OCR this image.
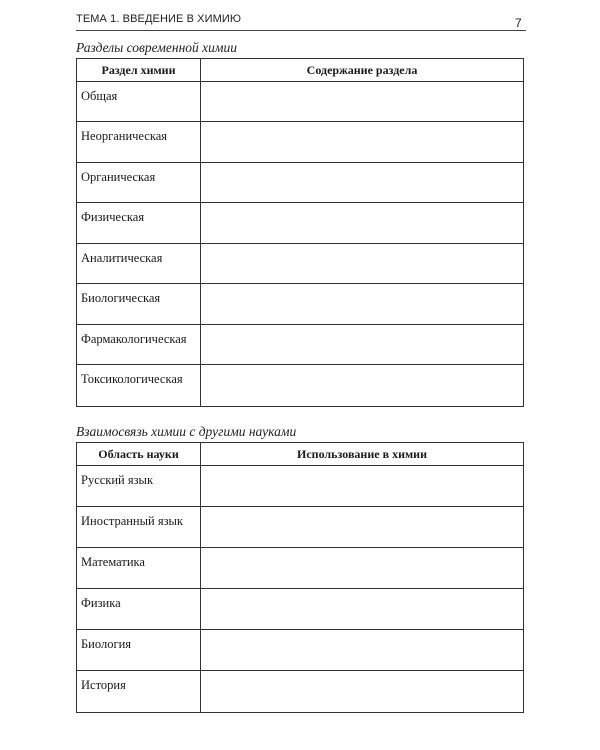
ТЕМА 1. ВВЕДЕНИЕ В ХИМИЮ	7
Разделы современной химии
Раздел химии	Содержание раздела
Общая	
Неорганическая	
Органическая	
Физическая	
Аналитическая	
Биологическая	
Фармакологическая	
Токсикологическая	
Взаимосвязь химии с другими науками
Область науки	Использование в химии
Русский язык	
Иностранный язык	
Математика	
Физика	
Биология	
История	
